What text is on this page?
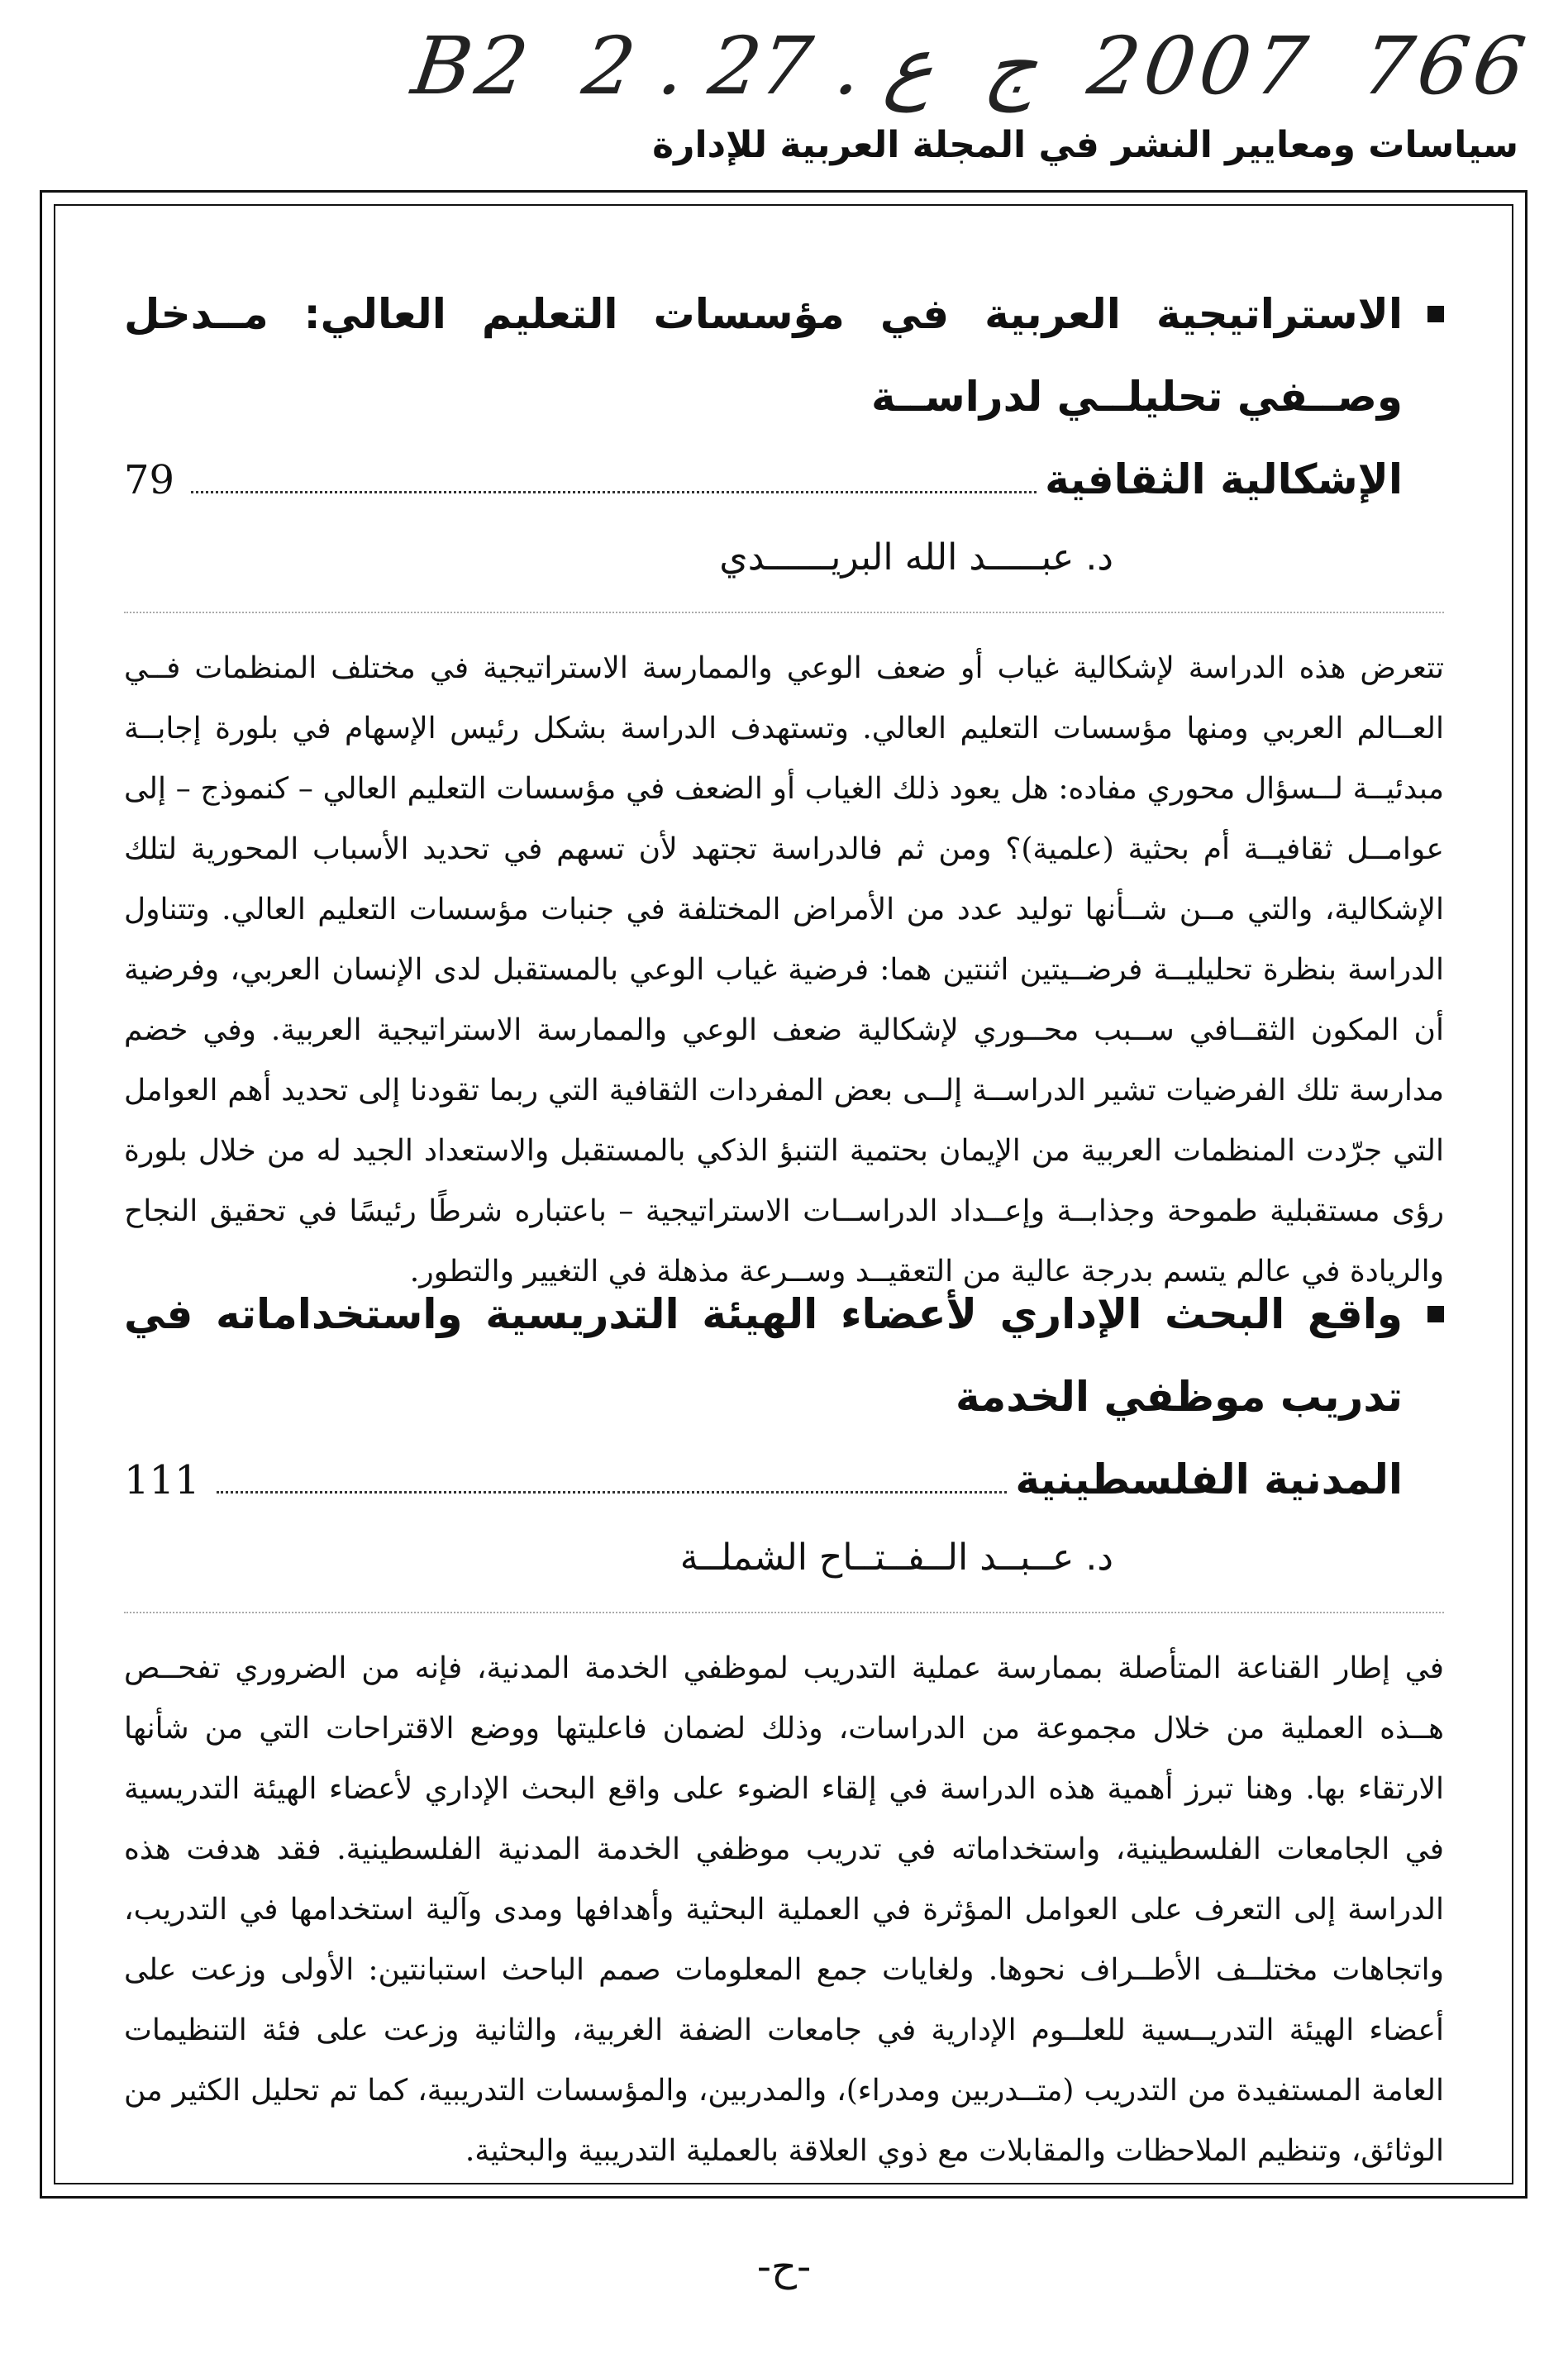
B2 2 . ع . 27 ج 2007 766
سياسات ومعايير النشر في المجلة العربية للإدارة
الاستراتيجية العربية في مؤسسات التعليم العالي: مــدخل وصــفي تحليلــي لدراســة
الإشكالية الثقافية
79
د. عبـــــد الله البريــــــدي

تتعرض هذه الدراسة لإشكالية غياب أو ضعف الوعي والممارسة الاستراتيجية في مختلف المنظمات فــي العــالم العربي ومنها مؤسسات التعليم العالي. وتستهدف الدراسة بشكل رئيس الإسهام في بلورة إجابــة مبدئيــة لــسؤال محوري مفاده: هل يعود ذلك الغياب أو الضعف في مؤسسات التعليم العالي – كنموذج – إلى عوامــل ثقافيــة أم بحثية (علمية)؟ ومن ثم فالدراسة تجتهد لأن تسهم في تحديد الأسباب المحورية لتلك الإشكالية، والتي مــن شــأنها توليد عدد من الأمراض المختلفة في جنبات مؤسسات التعليم العالي. وتتناول الدراسة بنظرة تحليليــة فرضــيتين اثنتين هما: فرضية غياب الوعي بالمستقبل لدى الإنسان العربي، وفرضية أن المكون الثقــافي ســبب محــوري لإشكالية ضعف الوعي والممارسة الاستراتيجية العربية. وفي خضم مدارسة تلك الفرضيات تشير الدراســة إلــى بعض المفردات الثقافية التي ربما تقودنا إلى تحديد أهم العوامل التي جرّدت المنظمات العربية من الإيمان بحتمية التنبؤ الذكي بالمستقبل والاستعداد الجيد له من خلال بلورة رؤى مستقبلية طموحة وجذابــة وإعــداد الدراســات الاستراتيجية – باعتباره شرطًا رئيسًا في تحقيق النجاح والريادة في عالم يتسم بدرجة عالية من التعقيــد وســرعة مذهلة في التغيير والتطور.

واقع البحث الإداري لأعضاء الهيئة التدريسية واستخداماته في تدريب موظفي الخدمة
المدنية الفلسطينية
111
د. عــبــد الــفــتــاح الشملــة

في إطار القناعة المتأصلة بممارسة عملية التدريب لموظفي الخدمة المدنية، فإنه من الضروري تفحــص هــذه العملية من خلال مجموعة من الدراسات، وذلك لضمان فاعليتها ووضع الاقتراحات التي من شأنها الارتقاء بها. وهنا تبرز أهمية هذه الدراسة في إلقاء الضوء على واقع البحث الإداري لأعضاء الهيئة التدريسية في الجامعات الفلسطينية، واستخداماته في تدريب موظفي الخدمة المدنية الفلسطينية. فقد هدفت هذه الدراسة إلى التعرف على العوامل المؤثرة في العملية البحثية وأهدافها ومدى وآلية استخدامها في التدريب، واتجاهات مختلــف الأطــراف نحوها. ولغايات جمع المعلومات صمم الباحث استبانتين: الأولى وزعت على أعضاء الهيئة التدريــسية للعلــوم الإدارية في جامعات الضفة الغربية، والثانية وزعت على فئة التنظيمات العامة المستفيدة من التدريب (متــدربين ومدراء)، والمدربين، والمؤسسات التدريبية، كما تم تحليل الكثير من الوثائق، وتنظيم الملاحظات والمقابلات مع ذوي العلاقة بالعملية التدريبية والبحثية.

-ح-
